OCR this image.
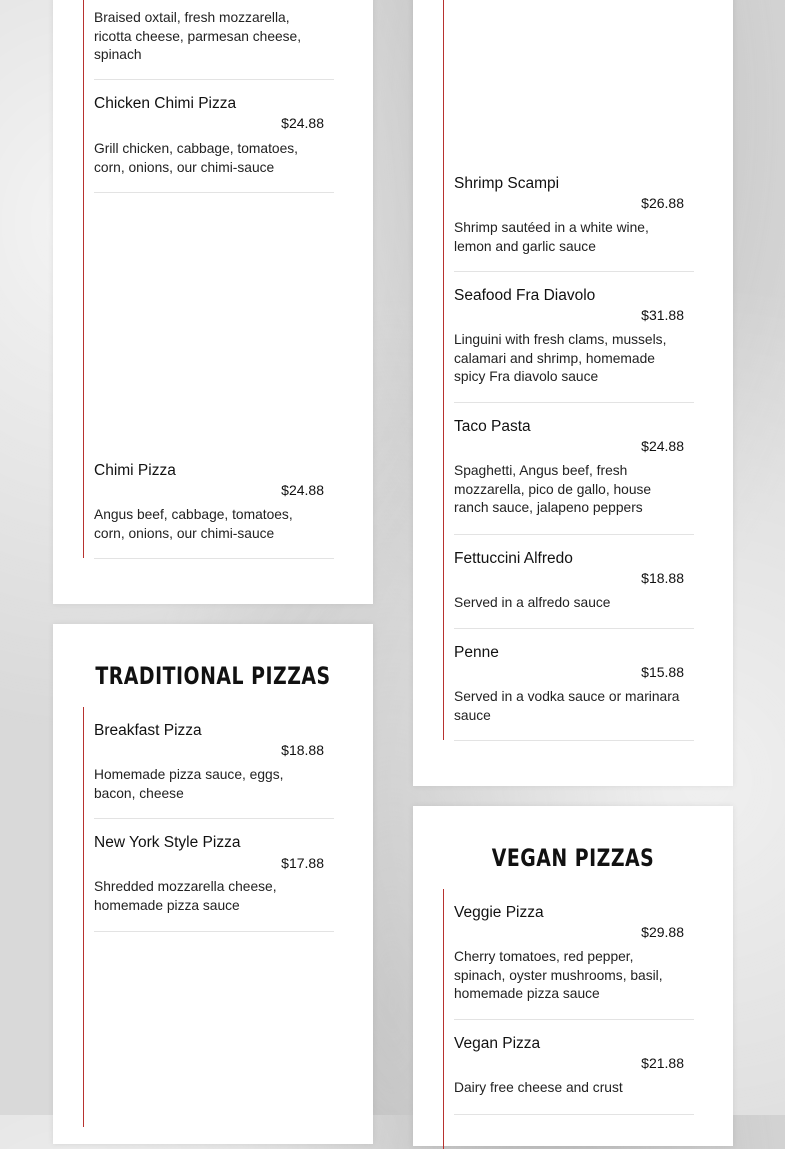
Braised oxtail, fresh mozzarella, ricotta cheese, parmesan cheese, spinach
Chicken Chimi Pizza
$24.88
Grill chicken, cabbage, tomatoes, corn, onions, our chimi-sauce
Chimi Pizza
$24.88
Angus beef, cabbage, tomatoes, corn, onions, our chimi-sauce
TRADITIONAL PIZZAS
Breakfast Pizza
$18.88
Homemade pizza sauce, eggs, bacon, cheese
New York Style Pizza
$17.88
Shredded mozzarella cheese, homemade pizza sauce
Shrimp Scampi
$26.88
Shrimp sautéed in a white wine, lemon and garlic sauce
Seafood Fra Diavolo
$31.88
Linguini with fresh clams, mussels, calamari and shrimp, homemade spicy Fra diavolo sauce
Taco Pasta
$24.88
Spaghetti, Angus beef, fresh mozzarella, pico de gallo, house ranch sauce, jalapeno peppers
Fettuccini Alfredo
$18.88
Served in a alfredo sauce
Penne
$15.88
Served in a vodka sauce or marinara sauce
VEGAN PIZZAS
Veggie Pizza
$29.88
Cherry tomatoes, red pepper, spinach, oyster mushrooms, basil, homemade pizza sauce
Vegan Pizza
$21.88
Dairy free cheese and crust
